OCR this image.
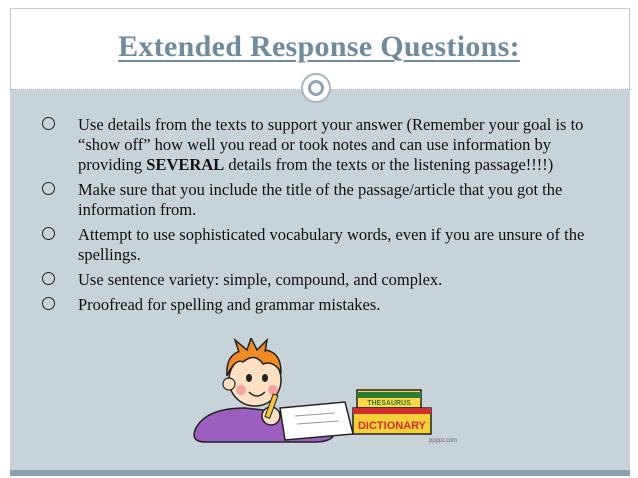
Extended Response Questions:
Use details from the texts to support your answer (Remember your goal is to “show off” how well you read or took notes and can use information by providing SEVERAL details from the texts or the listening passage!!!!)
Make sure that you include the title of the passage/article that you got the information from.
Attempt to use sophisticated vocabulary words, even if you are unsure of the spellings.
Use sentence variety: simple, compound, and complex.
Proofread for spelling and grammar mistakes.
THESAURUS
DICTIONARY
ppppt.com
